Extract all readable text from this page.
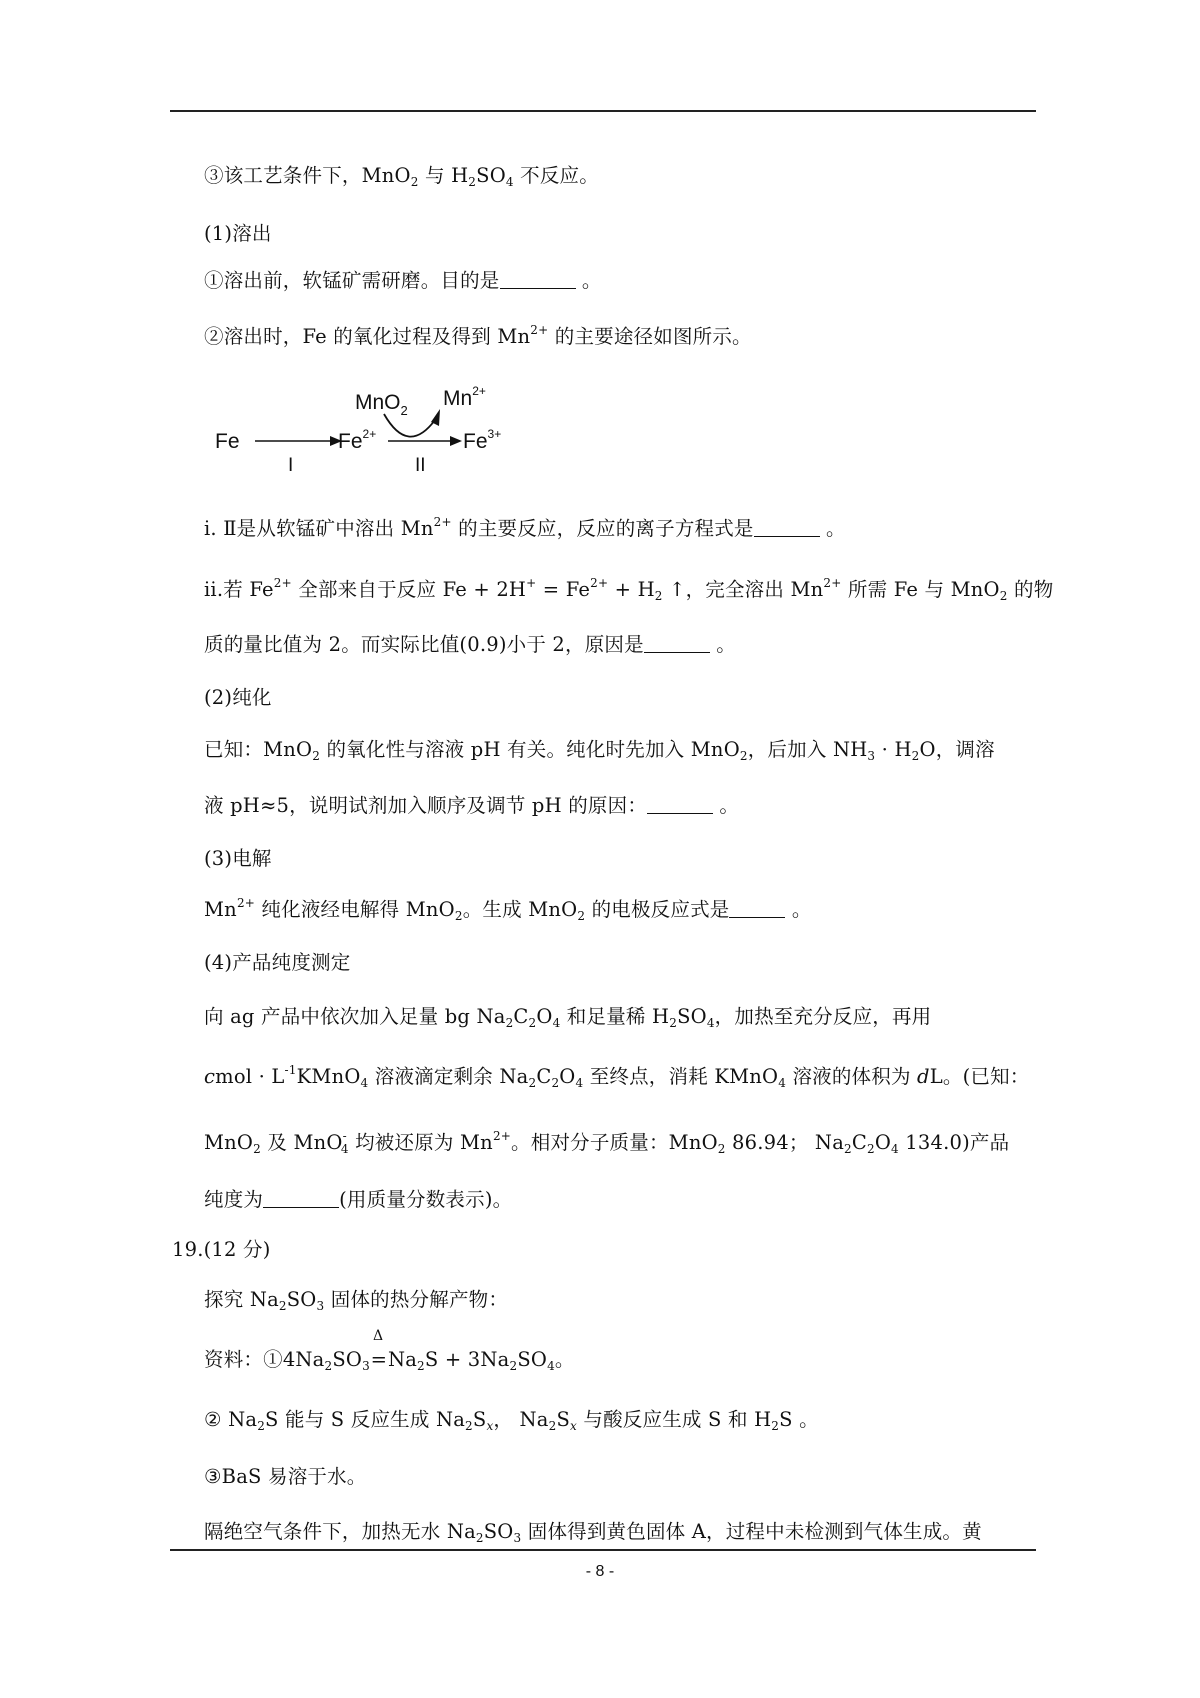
③该工艺条件下，MnO$_2$ 与 $H_2SO_4$ 不反应。
(1)溶出
①溶出前，软锰矿需研磨。目的是	。
②溶出时，Fe 的氧化过程及得到 $Mn^{2+}$ 的主要途径如图所示。
Fe
I
$Fe^{2+}$
II
$Fe^{3+}$
MnO$_2$
$Mn^{2+}$
i. Ⅱ是从软锰矿中溶出 $Mn^{2+}$ 的主要反应，反应的离子方程式是	。
ii.若 $Fe^{2+}$ 全部来自于反应 $Fe + 2H^+ = Fe^{2+} + H_2$ ↑，完全溶出 $Mn^{2+}$ 所需 Fe 与 MnO$_2$ 的物
质的量比值为 2。而实际比值(0.9)小于 2，原因是	。
(2)纯化
已知：MnO$_2$ 的氧化性与溶液 pH 有关。纯化时先加入 MnO$_2$，后加入 $NH_3 \cdot H_2O$，调溶
液 pH≈5，说明试剂加入顺序及调节 pH 的原因：	。
(3)电解
$Mn^{2+}$ 纯化液经电解得 MnO$_2$。生成 MnO$_2$ 的电极反应式是	。
(4)产品纯度测定
向 ag 产品中依次加入足量 bg $Na_2C_2O_4$ 和足量稀 $H_2SO_4$，加热至充分反应，再用
cmol · $L^{-1}KMnO_4$ 溶液滴定剩余 $Na_2C_2O_4$ 至终点，消耗 KMnO$_4$ 溶液的体积为 dL。(已知：
MnO$_2$ 及 MnO-$_4$ 均被还原为 $Mn^{2+}$。相对分子质量：MnO$_2$ 86.94； $Na_2C_2O_4$ 134.0)产品
纯度为	(用质量分数表示)。
19.(12 分)
探究 $Na_2SO_3$ 固体的热分解产物：
资料：$①4Na_2SO_3$
Δ
$=Na_2S + 3Na_2SO_4$。
② $Na_2S$ 能与 S 反应生成 $Na_2S_x$， $Na_2S_x$ 与酸反应生成 S 和 $H_2S$ 。
③BaS 易溶于水。
隔绝空气条件下，加热无水 $Na_2SO_3$ 固体得到黄色固体 A，过程中未检测到气体生成。黄
- 8 -
